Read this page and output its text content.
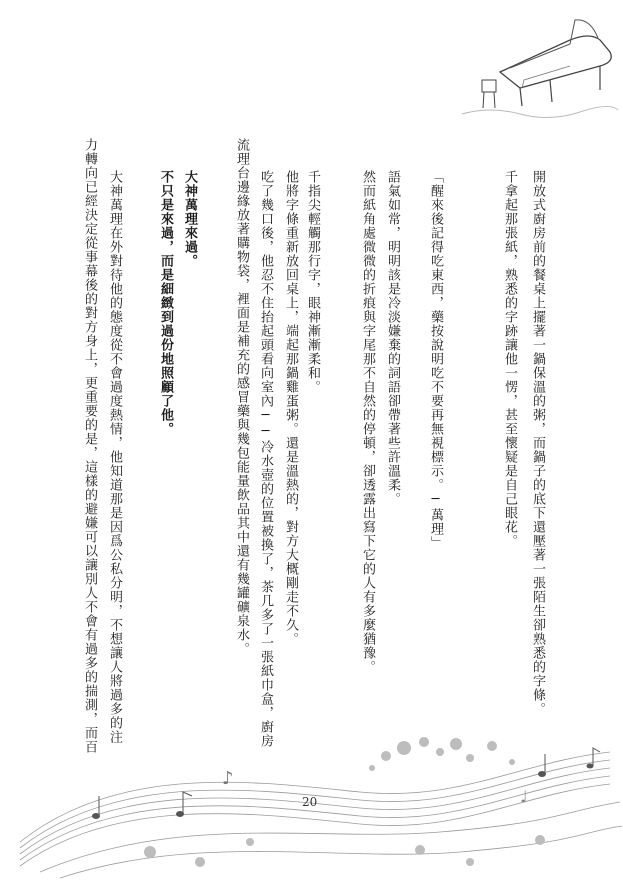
開放式廚房前的餐桌上擺著一鍋保溫的粥，而鍋子的底下還壓著一張陌生卻熟悉的字條。
千拿起那張紙，熟悉的字跡讓他一愣，甚至懷疑是自己眼花。
「醒來後記得吃東西，藥按說明吃不要再無視標示。─萬理」
語氣如常，明明該是冷淡嫌棄的詞語卻帶著些許溫柔。
然而紙角處微微的折痕與字尾那不自然的停頓，卻透露出寫下它的人有多麼猶豫。
千指尖輕觸那行字，眼神漸漸柔和。
他將字條重新放回桌上，端起那鍋雞蛋粥。還是溫熱的，對方大概剛走不久。
吃了幾口後，他忍不住抬起頭看向室內──冷水壺的位置被換了，茶几多了一張紙巾盒，廚房
流理台邊緣放著購物袋，裡面是補充的感冒藥與幾包能量飲品其中還有幾罐礦泉水。
大神萬理來過。
不只是來過，而是細緻到過份地照顧了他。
大神萬理在外對待他的態度從不會過度熱情，他知道那是因爲公私分明，不想讓人將過多的注
力轉向已經決定從事幕後的對方身上，更重要的是，這樣的避嫌可以讓別人不會有過多的揣測，而百
♪
♩
20
